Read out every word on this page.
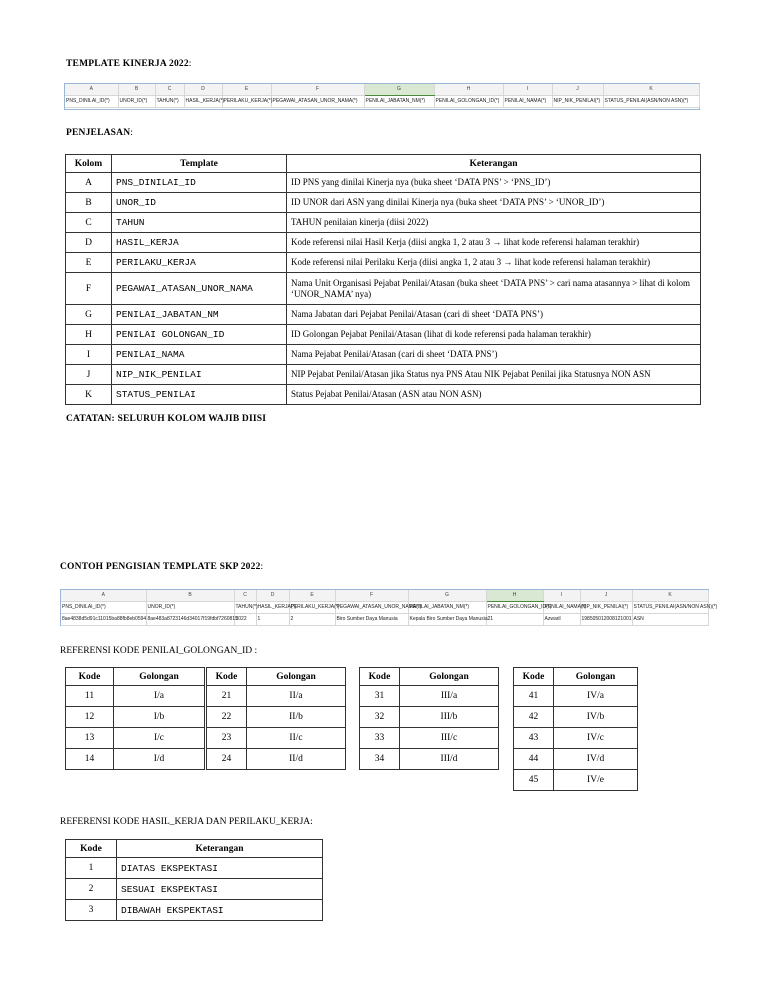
TEMPLATE KINERJA 2022:
A	B	C	D	E	F	G	H	I	J	K
PNS_DINILAI_ID(*)	UNOR_ID(*)	TAHUN(*)	HASIL_KERJA(*)	PERILAKU_KERJA(*)	PEGAWAI_ATASAN_UNOR_NAMA(*)	PENILAI_JABATAN_NM(*)	PENILAI_GOLONGAN_ID(*)	PENILAI_NAMA(*)	NIP_NIK_PENILAI(*)	STATUS_PENILAI(ASN/NON ASN)(*)
PENJELASAN:
Kolom	Template	Keterangan
A	PNS_DINILAI_ID	ID PNS yang dinilai Kinerja nya (buka sheet ‘DATA PNS’ > ‘PNS_ID’)
B	UNOR_ID	ID UNOR dari ASN yang dinilai Kinerja nya (buka sheet ‘DATA PNS’ > ‘UNOR_ID’)
C	TAHUN	TAHUN penilaian kinerja (diisi 2022)
D	HASIL_KERJA	Kode referensi nilai Hasil Kerja (diisi angka 1, 2 atau 3 → lihat kode referensi halaman terakhir)
E	PERILAKU_KERJA	Kode referensi nilai Perilaku Kerja (diisi angka 1, 2 atau 3 → lihat kode referensi halaman terakhir)
F	PEGAWAI_ATASAN_UNOR_NAMA	Nama Unit Organisasi Pejabat Penilai/Atasan (buka sheet ‘DATA PNS’ > cari nama atasannya > lihat di kolom ‘UNOR_NAMA’ nya)
G	PENILAI_JABATAN_NM	Nama Jabatan dari Pejabat Penilai/Atasan (cari di sheet ‘DATA PNS’)
H	PENILAI GOLONGAN_ID	ID Golongan Pejabat Penilai/Atasan (lihat di kode referensi pada halaman terakhir)
I	PENILAI_NAMA	Nama Pejabat Penilai/Atasan (cari di sheet ‘DATA PNS’)
J	NIP_NIK_PENILAI	NIP Pejabat Penilai/Atasan jika Status nya PNS Atau NIK Pejabat Penilai jika Statusnya NON ASN
K	STATUS_PENILAI	Status Pejabat Penilai/Atasan (ASN atau NON ASN)
CATATAN: SELURUH KOLOM WAJIB DIISI
CONTOH PENGISIAN TEMPLATE SKP 2022:
A	B	C	D	E	F	G	H	I	J	K
PNS_DINILAI_ID(*)	UNOR_ID(*)	TAHUN(*)	HASIL_KERJA(*)	PERILAKU_KERJA(*)	PEGAWAI_ATASAN_UNOR_NAMA(*)	PENILAI_JABATAN_NM(*)	PENILAI_GOLONGAN_ID(*)	PENILAI_NAMA(*)	NIP_NIK_PENILAI(*)	STATUS_PENILAI(ASN/NON ASN)(*)
8ae4838d5d91c11015ba88fb8eb0594	8ae483a8723146d34017f19fdbf7260815	2022	1	2	Biro Sumber Daya Manusia	Kepala Biro Sumber Daya Manusia	21	Azwaril	198505012008121001	ASN
REFERENSI KODE PENILAI_GOLONGAN_ID :
Kode	Golongan
11	I/a
12	I/b
13	I/c
14	I/d
Kode	Golongan
21	II/a
22	II/b
23	II/c
24	II/d
Kode	Golongan
31	III/a
32	III/b
33	III/c
34	III/d
Kode	Golongan
41	IV/a
42	IV/b
43	IV/c
44	IV/d
45	IV/e
REFERENSI KODE HASIL_KERJA DAN PERILAKU_KERJA:
Kode	Keterangan
1	DIATAS EKSPEKTASI
2	SESUAI EKSPEKTASI
3	DIBAWAH EKSPEKTASI
